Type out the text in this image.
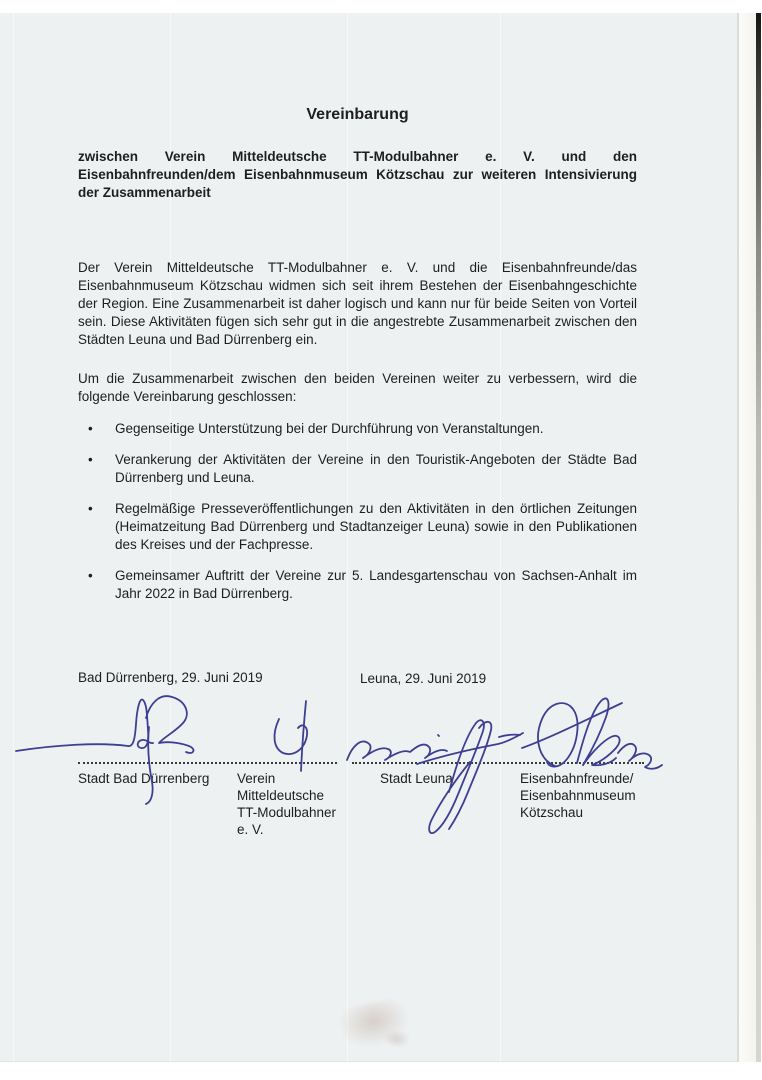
Vereinbarung
zwischen Verein Mitteldeutsche TT-Modulbahner e. V. und den Eisenbahnfreunden/dem Eisenbahnmuseum Kötzschau zur weiteren Intensivierung der Zusammenarbeit
Der Verein Mitteldeutsche TT-Modulbahner e. V. und die Eisenbahnfreunde/das Eisenbahnmuseum Kötzschau widmen sich seit ihrem Bestehen der Eisenbahngeschichte der Region. Eine Zusammenarbeit ist daher logisch und kann nur für beide Seiten von Vorteil sein. Diese Aktivitäten fügen sich sehr gut in die angestrebte Zusammenarbeit zwischen den Städten Leuna und Bad Dürrenberg ein.
Um die Zusammenarbeit zwischen den beiden Vereinen weiter zu verbessern, wird die folgende Vereinbarung geschlossen:
• Gegenseitige Unterstützung bei der Durchführung von Veranstaltungen.
• Verankerung der Aktivitäten der Vereine in den Touristik-Angeboten der Städte Bad Dürrenberg und Leuna.
• Regelmäßige Presseveröffentlichungen zu den Aktivitäten in den örtlichen Zeitungen (Heimatzeitung Bad Dürrenberg und Stadtanzeiger Leuna) sowie in den Publikationen des Kreises und der Fachpresse.
• Gemeinsamer Auftritt der Vereine zur 5. Landesgartenschau von Sachsen-Anhalt im Jahr 2022 in Bad Dürrenberg.
Bad Dürrenberg, 29. Juni 2019	Leuna, 29. Juni 2019
Stadt Bad Dürrenberg Verein
Mitteldeutsche
TT-Modulbahner
e. V.
Stadt Leuna	Eisenbahnfreunde/
Eisenbahnmuseum
Kötzschau
